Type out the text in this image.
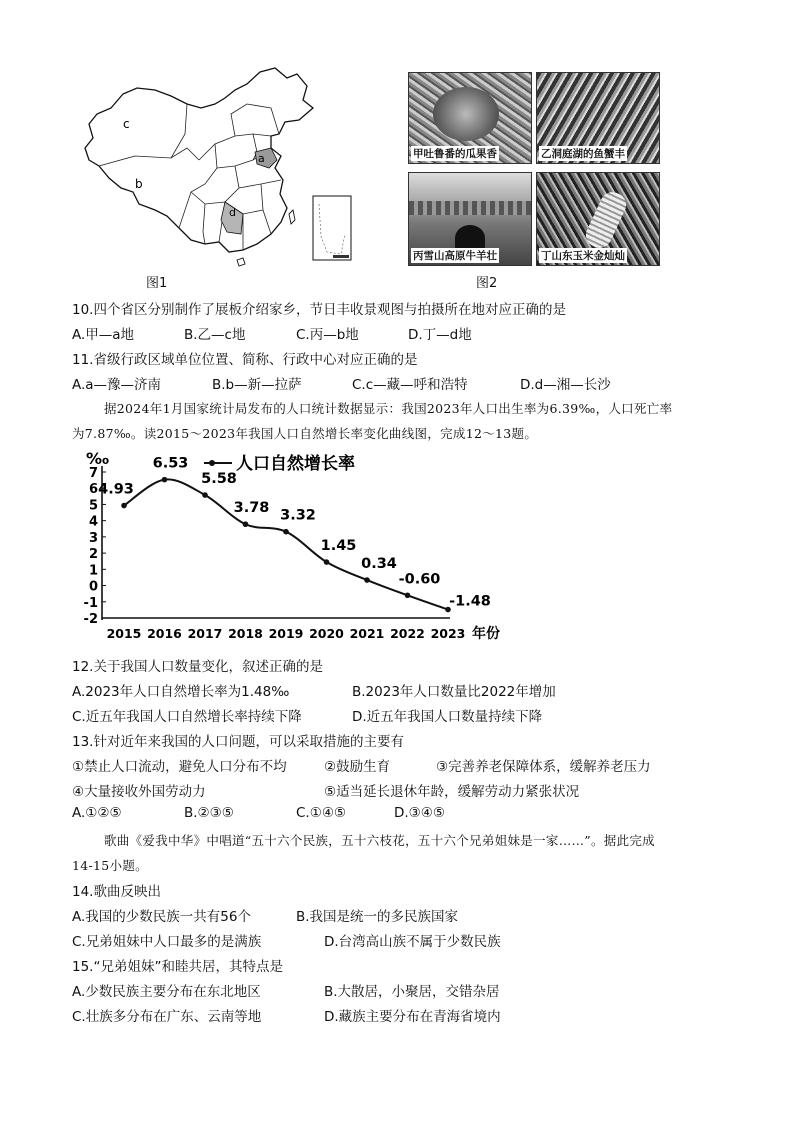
c
b
a
d
图1
甲吐鲁番的瓜果香	乙洞庭湖的鱼蟹丰
丙雪山高原牛羊壮	丁山东玉米金灿灿
图2
10.四个省区分别制作了展板介绍家乡，节日丰收景观图与拍摄所在地对应正确的是
A.甲—a地	B.乙—c地	C.丙—b地	D.丁—d地
11.省级行政区域单位位置、简称、行政中心对应正确的是
A.a—豫—济南	B.b—新—拉萨	C.c—藏—呼和浩特	D.d—湘—长沙
据2024年1月国家统计局发布的人口统计数据显示：我国2023年人口出生率为6.39‰，人口死亡率
为7.87‰。读2015～2023年我国人口自然增长率变化曲线图，完成12～13题。
‰
7
6
5
4
3
2
1
0
-1
-2
2015 2016 2017 2018 2019 2020 2021 2022 2023 年份
4.93
6.53
5.58
3.78 3.32
1.45
0.34
-0.60
-1.48
人口自然增长率
12.关于我国人口数量变化，叙述正确的是
A.2023年人口自然增长率为1.48‰	B.2023年人口数量比2022年增加
C.近五年我国人口自然增长率持续下降	D.近五年我国人口数量持续下降
13.针对近年来我国的人口问题，可以采取措施的主要有
①禁止人口流动，避免人口分布不均	②鼓励生育	③完善养老保障体系，缓解养老压力
④大量接收外国劳动力	⑤适当延长退休年龄，缓解劳动力紧张状况
A.①②⑤	B.②③⑤	C.①④⑤	D.③④⑤
歌曲《爱我中华》中唱道“五十六个民族，五十六枝花，五十六个兄弟姐妹是一家……”。据此完成
14-15小题。
14.歌曲反映出
A.我国的少数民族一共有56个	B.我国是统一的多民族国家
C.兄弟姐妹中人口最多的是满族	D.台湾高山族不属于少数民族
15.“兄弟姐妹”和睦共居，其特点是
A.少数民族主要分布在东北地区	B.大散居，小聚居，交错杂居
C.壮族多分布在广东、云南等地	D.藏族主要分布在青海省境内
